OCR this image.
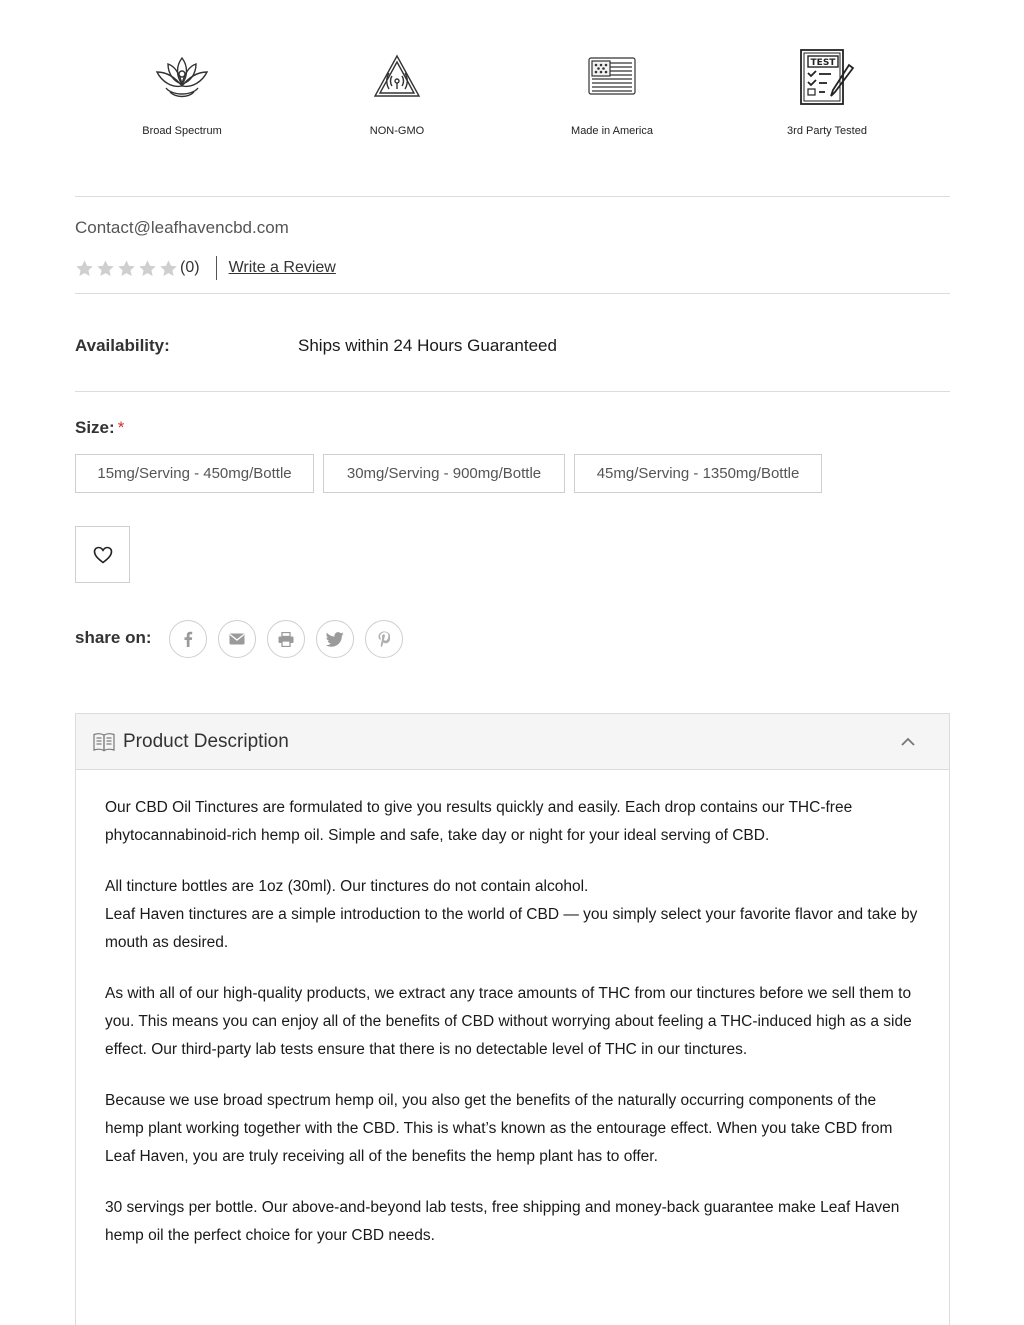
Broad Spectrum	NON-GMO	Made in America
TEST
3rd Party Tested
Contact@leafhavencbd.com
(0) Write a Review
Availability:	Ships within 24 Hours Guaranteed
Size: *
15mg/Serving - 450mg/Bottle	30mg/Serving - 900mg/Bottle	45mg/Serving - 1350mg/Bottle
share on:
Product Description

Our CBD Oil Tinctures are formulated to give you results quickly and easily. Each drop contains our THC-free phytocannabinoid-rich hemp oil. Simple and safe, take day or night for your ideal serving of CBD.

All tincture bottles are 1oz (30ml). Our tinctures do not contain alcohol.

Leaf Haven tinctures are a simple introduction to the world of CBD — you simply select your favorite flavor and take by mouth as desired.

As with all of our high-quality products, we extract any trace amounts of THC from our tinctures before we sell them to you. This means you can enjoy all of the benefits of CBD without worrying about feeling a THC-induced high as a side effect. Our third-party lab tests ensure that there is no detectable level of THC in our tinctures.

Because we use broad spectrum hemp oil, you also get the benefits of the naturally occurring components of the hemp plant working together with the CBD. This is what’s known as the entourage effect. When you take CBD from Leaf Haven, you are truly receiving all of the benefits the hemp plant has to offer.

30 servings per bottle. Our above-and-beyond lab tests, free shipping and money-back guarantee make Leaf Haven hemp oil the perfect choice for your CBD needs.
